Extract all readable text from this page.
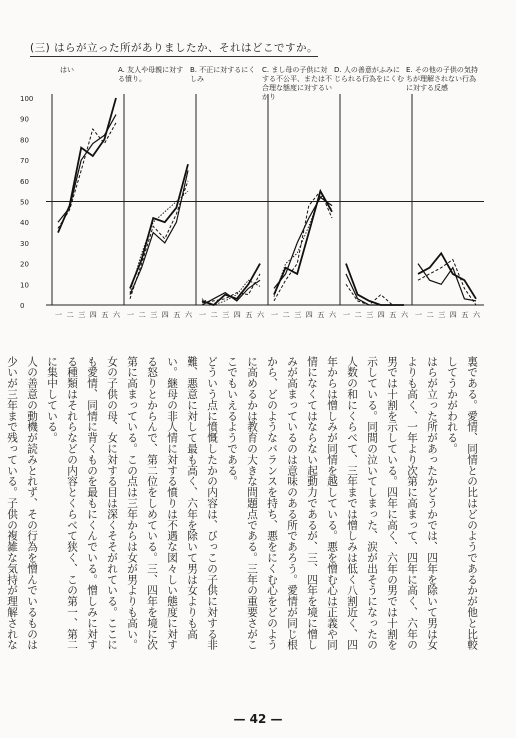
(三) はらが立った所がありましたか、それはどこですか。
はい	A. 友人や母親に対する憤り。
B. 不正に対するにくしみ
C. まし母の子供に対する不公平、または不合理な態度に対するいかり
D. 人の善意がふみにじられる行為をにくむ
E. その他の子供の気持ちが理解されない行為に対する反感
100
90
80
70
60
50
40
30
20
10
0
一 二 三 四 五 六 一 二 三 四 五 六 一 二 三 四 五 六 一 二 三 四 五 六 一 二 三 四 五 六 一 二 三 四 五 六

裏である。愛情、同情との比はどのようであるかが他と比較してうかがわれる。

はらが立った所があったかどうかでは、四年を除いて男は女よりも高く、一年より次第に高まって、四年に高く、六年の男では十割を示している。四年に高く、六年の男では十割を示している。同間の泣いてしまった、涙が出そうになったの人数の和にくらべて、三年までは憎しみは低く八割近く、四年からは憎しみが同情を越している。悪を憎む心は正義や同情になくてはならない起動力であるが、三、四年を境に憎しみが高まっているのは意味のある所であろう。愛情が同じ根から、どのようなバランスを持ち、悪をにくむ心をどのように高めるかは教育の大きな問題点である。三年の重要さがここでもいえるようである。

どういう点に憤慨したかの内容は、びっこの子供に対する非難、悪意に対して最も高く、六年を除いて男は女よりも高い。継母の非人情に対する憤りは不遇な図々しい態度に対する怒りとからんで、第二位をしめている。三、四年を境に次第に高まっている。この点は三年からは女が男よりも高い。女の子供の母、女に対する目は深くそそがれている。ここにも愛情、同情に背くものを最もにくんでいる。憎しみに対する種類はそれらなどの内容とくらべて狭く、この第一、第二に集中している。

人の善意の動機が読みとれず、その行為を憎んでいるものは少いが三年まで残っている。子供の複雑な気持が理解されな

— 42 —
